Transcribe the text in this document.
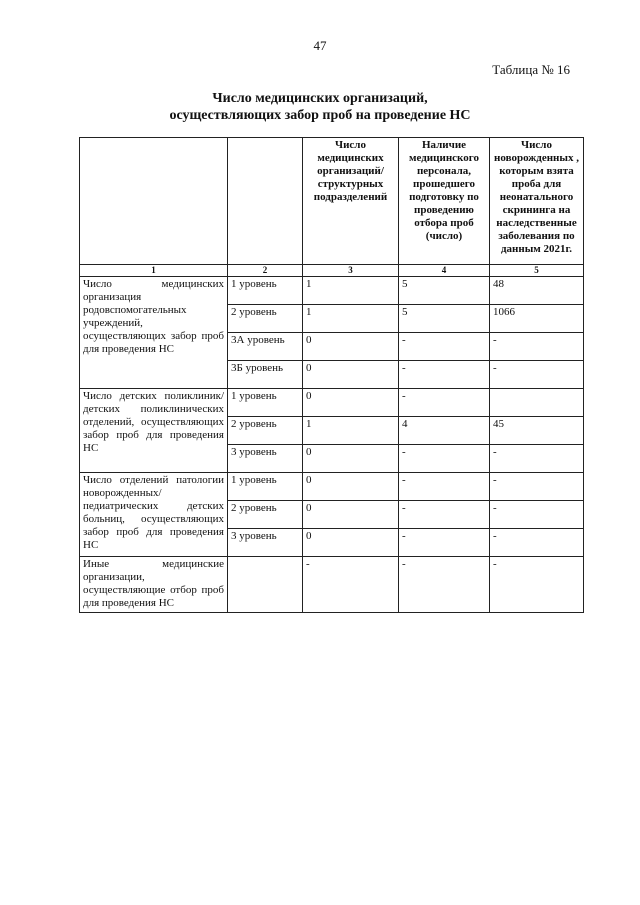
47
Таблица № 16
Число медицинских организаций,
осуществляющих забор проб на проведение НС
		Число медицинских организаций/ структурных подразделений	Наличие медицинского персонала, прошедшего подготовку по проведению отбора проб (число)	Число новорожденных , которым взята проба для неонатального скрининга на наследственные заболевания по данным 2021г.
1	2	3	4	5
Число медицинских организация родовспомогательных учреждений, осуществляющих забор проб для проведения НС	1 уровень	1	5	48
	2 уровень	1	5	1066
	3А уровень	0	-	-
	3Б уровень	0	-	-
Число детских поликлиник/детских поликлинических отделений, осуществляющих забор проб для проведения НС	1 уровень	0	-	
	2 уровень	1	4	45
	3 уровень	0	-	-
Число отделений патологии новорожденных/педиатрических детских больниц, осуществляющих забор проб для проведения НС	1 уровень	0	-	-
	2 уровень	0	-	-
	3 уровень	0	-	-
Иные медицинские организации, осуществляющие отбор проб для проведения НС		-	-	-
